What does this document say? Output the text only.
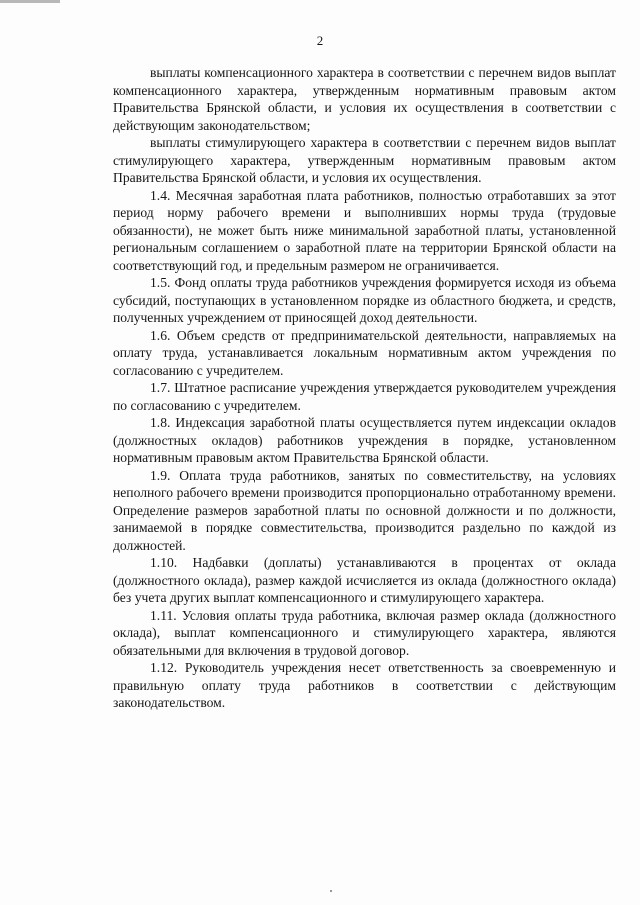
2

выплаты компенсационного характера в соответствии с перечнем видов выплат компенсационного характера, утвержденным нормативным правовым актом Правительства Брянской области, и условия их осуществления в соответствии с действующим законодательством;

выплаты стимулирующего характера в соответствии с перечнем видов выплат стимулирующего характера, утвержденным нормативным правовым актом Правительства Брянской области, и условия их осуществления.

1.4. Месячная заработная плата работников, полностью отработавших за этот период норму рабочего времени и выполнивших нормы труда (трудовые обязанности), не может быть ниже минимальной заработной платы, установленной региональным соглашением о заработной плате на территории Брянской области на соответствующий год, и предельным размером не ограничивается.

1.5. Фонд оплаты труда работников учреждения формируется исходя из объема субсидий, поступающих в установленном порядке из областного бюджета, и средств, полученных учреждением от приносящей доход деятельности.

1.6. Объем средств от предпринимательской деятельности, направляемых на оплату труда, устанавливается локальным нормативным актом учреждения по согласованию с учредителем.

1.7. Штатное расписание учреждения утверждается руководителем учреждения по согласованию с учредителем.

1.8. Индексация заработной платы осуществляется путем индексации окладов (должностных окладов) работников учреждения в порядке, установленном нормативным правовым актом Правительства Брянской области.

1.9. Оплата труда работников, занятых по совместительству, на условиях неполного рабочего времени производится пропорционально отработанному времени. Определение размеров заработной платы по основной должности и по должности, занимаемой в порядке совместительства, производится раздельно по каждой из должностей.

1.10. Надбавки (доплаты) устанавливаются в процентах от оклада (должностного оклада), размер каждой исчисляется из оклада (должностного оклада) без учета других выплат компенсационного и стимулирующего характера.

1.11. Условия оплаты труда работника, включая размер оклада (должностного оклада), выплат компенсационного и стимулирующего характера, являются обязательными для включения в трудовой договор.

1.12. Руководитель учреждения несет ответственность за своевременную и правильную оплату труда работников в соответствии с действующим законодательством.
